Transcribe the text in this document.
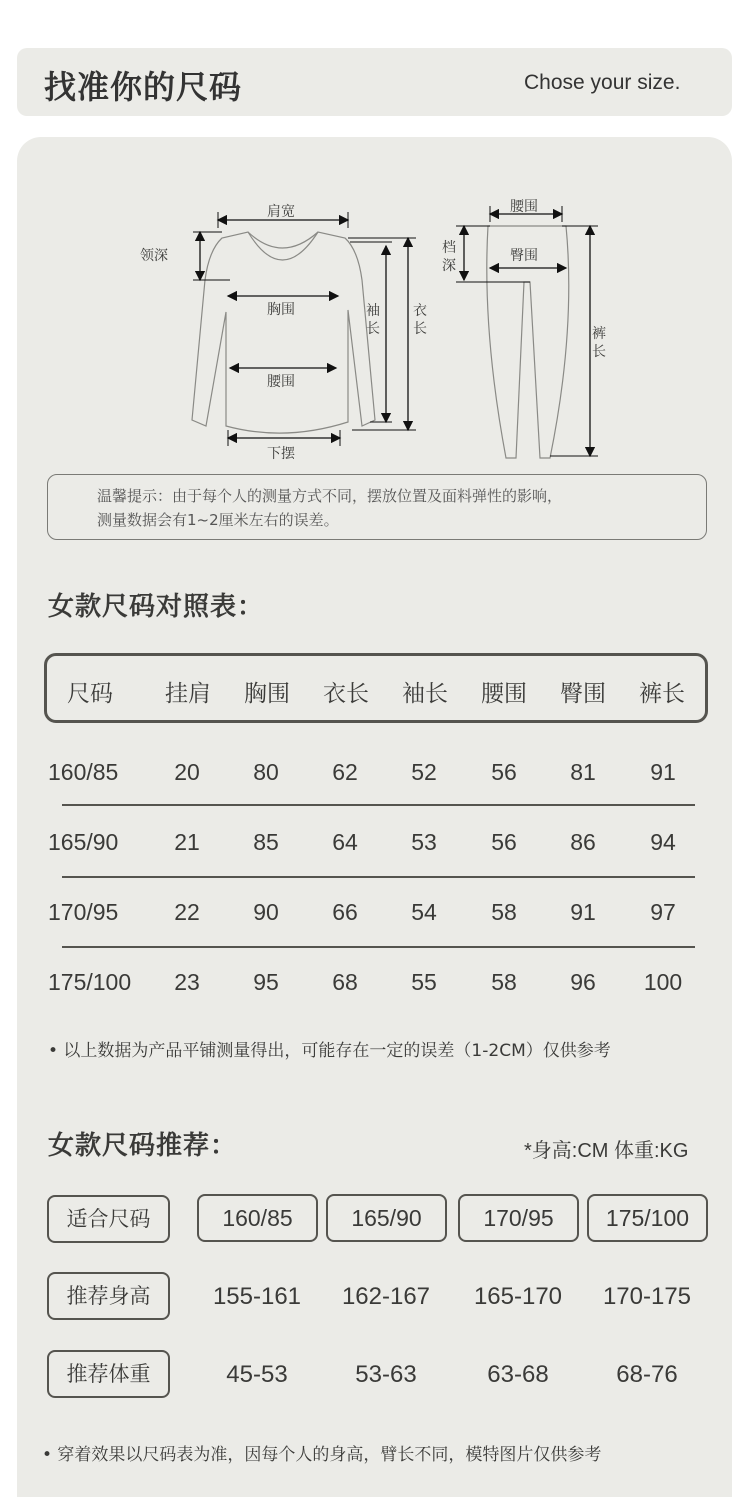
找准你的尺码	Chose your size.
肩宽
领深
胸围
腰围
下摆
袖
长
衣
长
腰围
臀围
档
深
裤
长
温馨提示：由于每个人的测量方式不同，摆放位置及面料弹性的影响，
测量数据会有1~2厘米左右的误差。
女款尺码对照表：
尺码	挂肩	胸围	衣长	袖长	腰围	臀围	裤长
160/85	20	80	62	52	56	81	91
165/90	21	85	64	53	56	86	94
170/95	22	90	66	54	58	91	97
175/100	23	95	68	55	58	96	100
• 以上数据为产品平铺测量得出，可能存在一定的误差（1-2CM）仅供参考
女款尺码推荐：	*身高:CM 体重:KG
适合尺码	160/85	165/90	170/95	175/100
推荐身高	155-161	162-167	165-170	170-175
推荐体重	45-53	53-63	63-68	68-76
• 穿着效果以尺码表为准，因每个人的身高，臂长不同，模特图片仅供参考
